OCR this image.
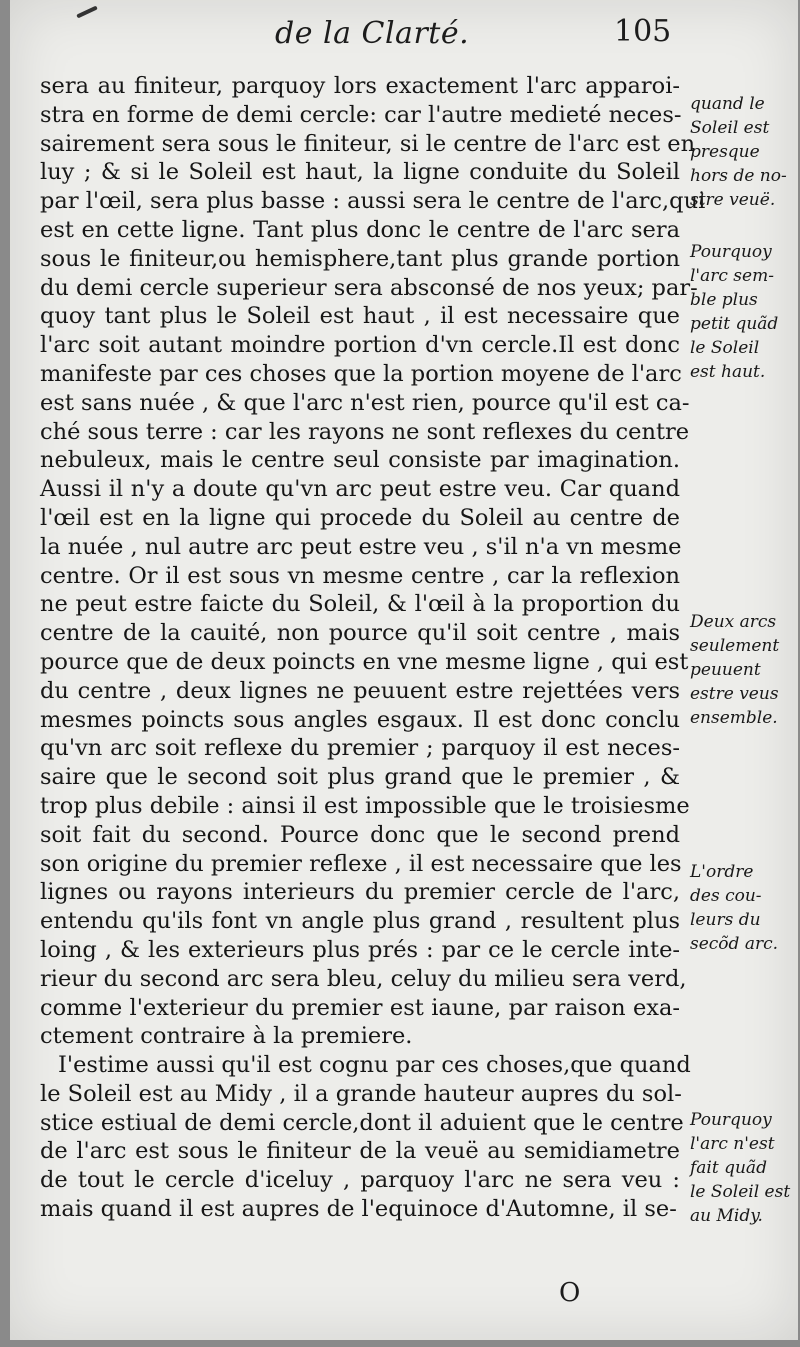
de la Clarté.	105
sera au finiteur, parquoy lors exactement l'arc apparoi-
stra en forme de demi cercle: car l'autre medieté neces-
sairement sera sous le finiteur, si le centre de l'arc est en
luy ; & si le Soleil est haut, la ligne conduite du Soleil
par l'œil, sera plus basse : aussi sera le centre de l'arc,qui
est en cette ligne. Tant plus donc le centre de l'arc sera
sous le finiteur,ou hemisphere,tant plus grande portion
du demi cercle superieur sera absconsé de nos yeux; par-
quoy tant plus le Soleil est haut , il est necessaire que
l'arc soit autant moindre portion d'vn cercle.Il est donc
manifeste par ces choses que la portion moyene de l'arc
est sans nuée , & que l'arc n'est rien, pource qu'il est ca-
ché sous terre : car les rayons ne sont reflexes du centre
nebuleux, mais le centre seul consiste par imagination.
Aussi il n'y a doute qu'vn arc peut estre veu. Car quand
l'œil est en la ligne qui procede du Soleil au centre de
la nuée , nul autre arc peut estre veu , s'il n'a vn mesme
centre. Or il est sous vn mesme centre , car la reflexion
ne peut estre faicte du Soleil, & l'œil à la proportion du
centre de la cauité, non pource qu'il soit centre , mais
pource que de deux poincts en vne mesme ligne , qui est
du centre , deux lignes ne peuuent estre rejettées vers
mesmes poincts sous angles esgaux. Il est donc conclu
qu'vn arc soit reflexe du premier ; parquoy il est neces-
saire que le second soit plus grand que le premier , &
trop plus debile : ainsi il est impossible que le troisiesme
soit fait du second. Pource donc que le second prend
son origine du premier reflexe , il est necessaire que les
lignes ou rayons interieurs du premier cercle de l'arc,
entendu qu'ils font vn angle plus grand , resultent plus
loing , & les exterieurs plus prés : par ce le cercle inte-
rieur du second arc sera bleu, celuy du milieu sera verd,
comme l'exterieur du premier est iaune, par raison exa-
ctement contraire à la premiere.
I'estime aussi qu'il est cognu par ces choses,que quand
le Soleil est au Midy , il a grande hauteur aupres du sol-
stice estiual de demi cercle,dont il aduient que le centre
de l'arc est sous le finiteur de la veuë au semidiametre
de tout le cercle d'iceluy , parquoy l'arc ne sera veu :
mais quand il est aupres de l'equinoce d'Automne, il se-
quand le
Soleil est
presque
hors de no-
stre veuë.
Pourquoy
l'arc sem-
ble plus
petit quãd
le Soleil
est haut.
Deux arcs
seulement
peuuent
estre veus
ensemble.
L'ordre
des cou-
leurs du
secõd arc.
Pourquoy
l'arc n'est
fait quãd
le Soleil est
au Midy.
O
